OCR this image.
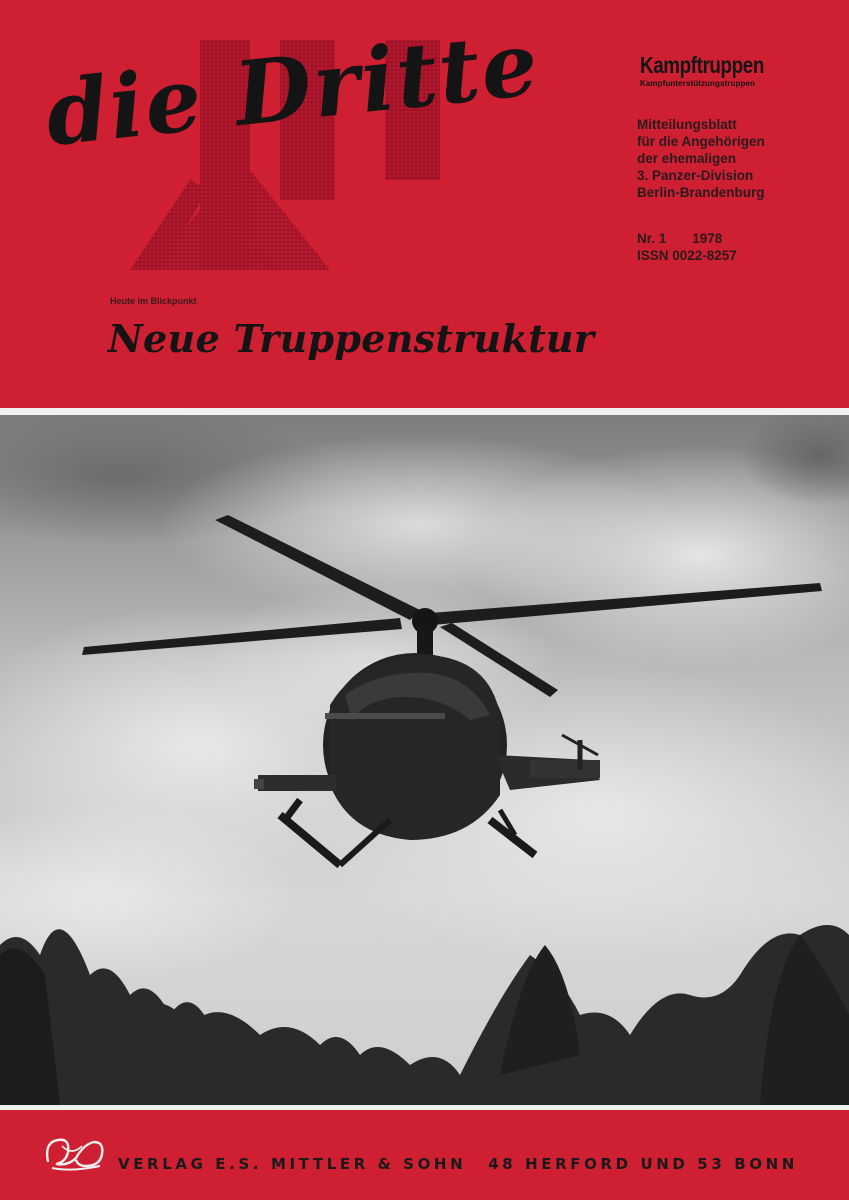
die Dritte	Kampftruppen
Kampfunterstützungstruppen
Mitteilungsblatt
für die Angehörigen
der ehemaligen
3. Panzer-Division
Berlin-Brandenburg
Nr. 1 1978
ISSN 0022-8257
Heute im Blickpunkt
Neue Truppenstruktur
VERLAG E.S. MITTLER & SOHN 48 HERFORD UND 53 BONN
